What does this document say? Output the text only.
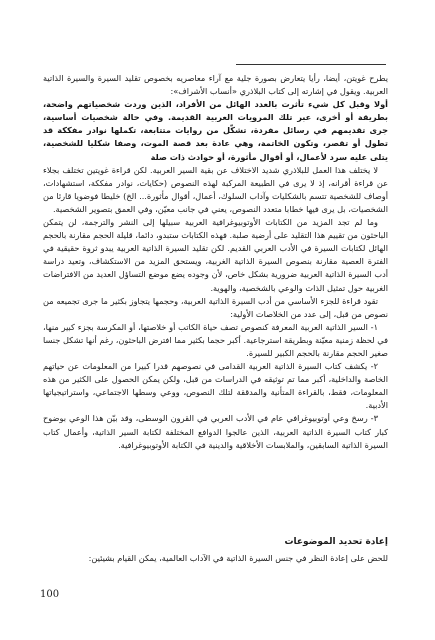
يطرح غويتن، أيضا، رأيا يتعارض بصورة جلية مع آراء معاصريه بخصوص تقليد السيرة والسيرة الذاتية العربية. ويقول في إشارته إلى كتاب البلاذري «أنساب الأشراف»:

أولا وقبل كل شيء تأثرت بالعدد الهائل من الأفراد، الذين وردت شخصياتهم واضحة، بطريقة أو أخرى، عبر تلك المرويات العربية القديمة. وفي حالة شخصيات أساسية، جرى تقديمهم في رسائل مفردة، تشكّل من روايات متتابعة، تكملها نوادر مفككة قد تطول أو تقصر، وتكون الخاتمة، وهي عادة بعد قصة الموت، وصفا شكليا للشخصية، يتلى عليه سرد لأعمال، أو أقوال مأثورة، أو حوادث ذات صلة

لا يختلف هذا العمل للبلاذري شديد الاختلاف عن بقية السير العربية. لكن قراءة غويتين تختلف بجلاء عن قراءة أقرانه، إذ لا يرى في الطبيعة المركبة لهذه النصوص (حكايات، نوادر مفككة، استشهادات، أوصاف للشخصية تتسم بالشكليات وآداب السلوك، أعمال، أقوال مأثورة... الخ) خليطا فوضويا قارئا من الشخصيات، بل يرى فيها خطابا متعدد النصوص، يعني في جانب معيّن، وفي العمق بتصوير الشخصية.

وما لم تجد المزيد من الكتابات الأوتوبيوغرافية العربية سبيلها إلى النشر والترجمة، لن يتمكن الباحثون من تقييم هذا التقليد على أرضية صلبة. فهذه الكتابات ستبدو، دائما، قليلة الحجم مقارنة بالحجم الهائل لكتابات السيرة في الأدب العربي القديم. لكن تقليد السيرة الذاتية العربية يبدو ثروة حقيقية في الفترة العصية مقارنة بنصوص السيرة الذاتية الغربية، ويستحق المزيد من الاستكشاف، وتعيد دراسة أدب السيرة الذاتية العربية ضرورية بشكل خاص، لأن وجوده يضع موضع التساؤل العديد من الافتراضات الغربية حول تمثيل الذات والوعي بالشخصية، والهوية.

تقود قراءة للجزء الأساسي من أدب السيرة الذاتية العربية، وحجمها يتجاوز بكثير ما جرى تجميعه من نصوص من قبل، إلى عدد من الخلاصات الأولية:

١- السير الذاتية العربية المعرفة كنصوص تصف حياة الكاتب أو خلاصتها، أو المكرسة بجزء كبير منها، في لحظة زمنية معيّنة وبطريقة استرجاعية. أكبر حجما بكثير مما افترض الباحثون، رغم أنها تشكل جنسا صغير الحجم مقارنة بالحجم الكبير للسيرة.

٢- يكشف كتاب السيرة الذاتية العربية القدامى في نصوصهم قدرا كبيرا من المعلومات عن حياتهم الخاصة والداخلية، أكبر مما تم توثيقه في الدراسات من قبل، ولكن يمكن الحصول على الكثير من هذه المعلومات، فقط، بالقراءة المتأنية والمدققة لتلك النصوص، ووعي وسطها الاجتماعي، واستراتيجياتها الأدبية.

٣- رسخ وعي أوتوبيوغرافي عام في الأدب العربي في القرون الوسطى، وقد بيّن هذا الوعي بوضوح كبار كتاب السيرة الذاتية العربية، الذين عالجوا الدوافع المختلفة لكتابة السير الذاتية، وأعمال كتاب السيرة الذاتية السابقين، والملابسات الأخلاقية والدينية في الكتابة الأوتوبيوغرافية.

إعادة تحديد الموضوعات
للحض على إعادة النظر في جنس السيرة الذاتية في الآداب العالمية، يمكن القيام بشيئين:
100
